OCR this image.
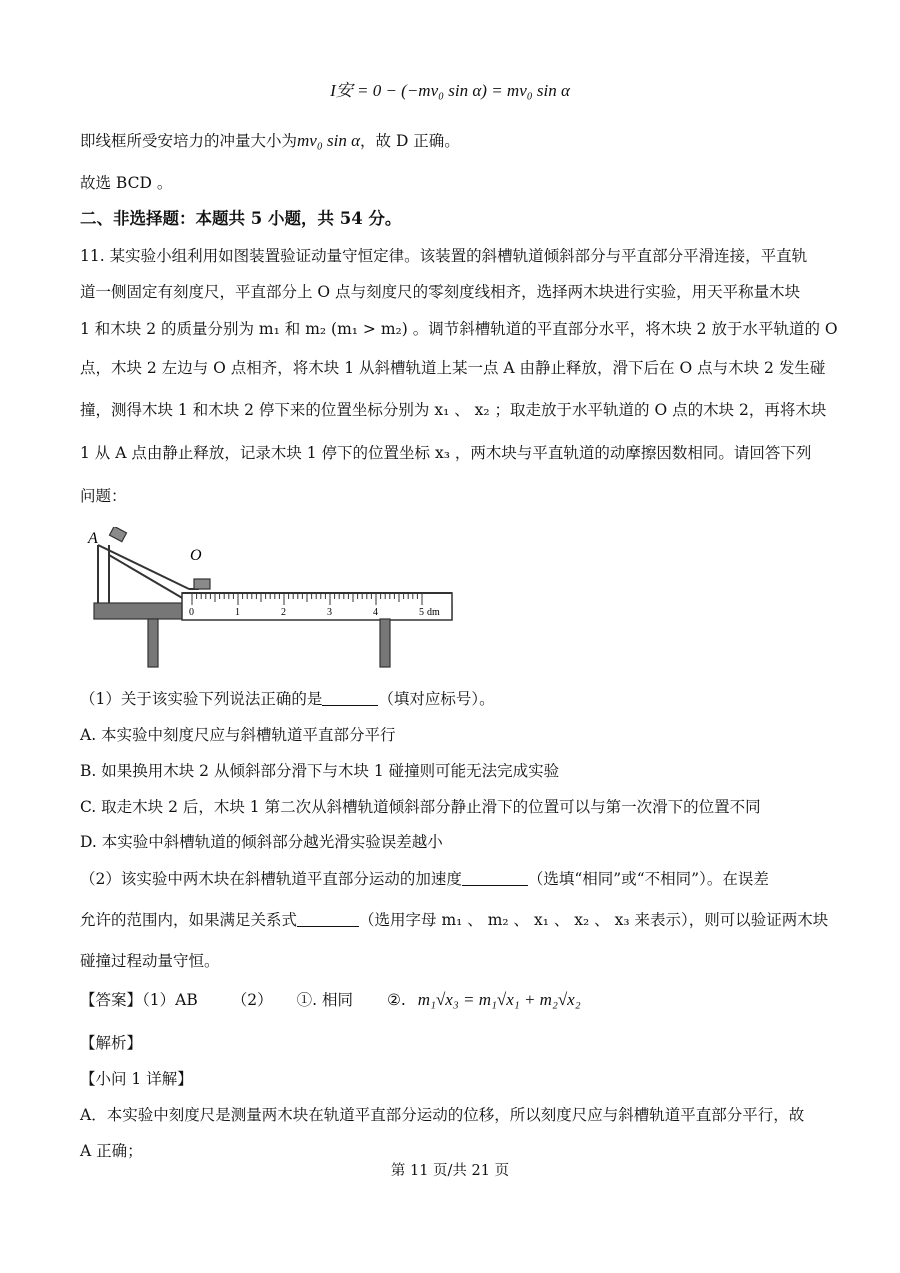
I安 = 0 − (−mv₀ sin α) = mv₀ sin α
即线框所受安培力的冲量大小为mv₀ sin α，故 D 正确。
故选 BCD 。
二、非选择题：本题共 5 小题，共 54 分。
11. 某实验小组利用如图装置验证动量守恒定律。该装置的斜槽轨道倾斜部分与平直部分平滑连接，平直轨
道一侧固定有刻度尺，平直部分上 O 点与刻度尺的零刻度线相齐，选择两木块进行实验，用天平称量木块
1 和木块 2 的质量分别为 m₁ 和 m₂ (m₁ > m₂) 。调节斜槽轨道的平直部分水平，将木块 2 放于水平轨道的 O
点，木块 2 左边与 O 点相齐，将木块 1 从斜槽轨道上某一点 A 由静止释放，滑下后在 O 点与木块 2 发生碰
撞，测得木块 1 和木块 2 停下来的位置坐标分别为 x₁ 、 x₂ ；取走放于水平轨道的 O 点的木块 2，再将木块
1 从 A 点由静止释放，记录木块 1 停下的位置坐标 x₃ ，两木块与平直轨道的动摩擦因数相同。请回答下列
问题：
A
O
0	1	2	3	4	5 dm
（1）关于该实验下列说法正确的是	（填对应标号）。
A. 本实验中刻度尺应与斜槽轨道平直部分平行
B. 如果换用木块 2 从倾斜部分滑下与木块 1 碰撞则可能无法完成实验
C. 取走木块 2 后，木块 1 第二次从斜槽轨道倾斜部分静止滑下的位置可以与第一次滑下的位置不同
D. 本实验中斜槽轨道的倾斜部分越光滑实验误差越小
（2）该实验中两木块在斜槽轨道平直部分运动的加速度	（选填“相同”或“不相同”）。在误差
允许的范围内，如果满足关系式	（选用字母 m₁ 、 m₂ 、 x₁ 、 x₂ 、 x₃ 来表示），则可以验证两木块
碰撞过程动量守恒。
【答案】（1）AB （2） ①. 相同 ②. m₁√x₃ = m₁√x₁ + m₂√x₂
【解析】
【小问 1 详解】
A．本实验中刻度尺是测量两木块在轨道平直部分运动的位移，所以刻度尺应与斜槽轨道平直部分平行，故
A 正确；
第 11 页/共 21 页
